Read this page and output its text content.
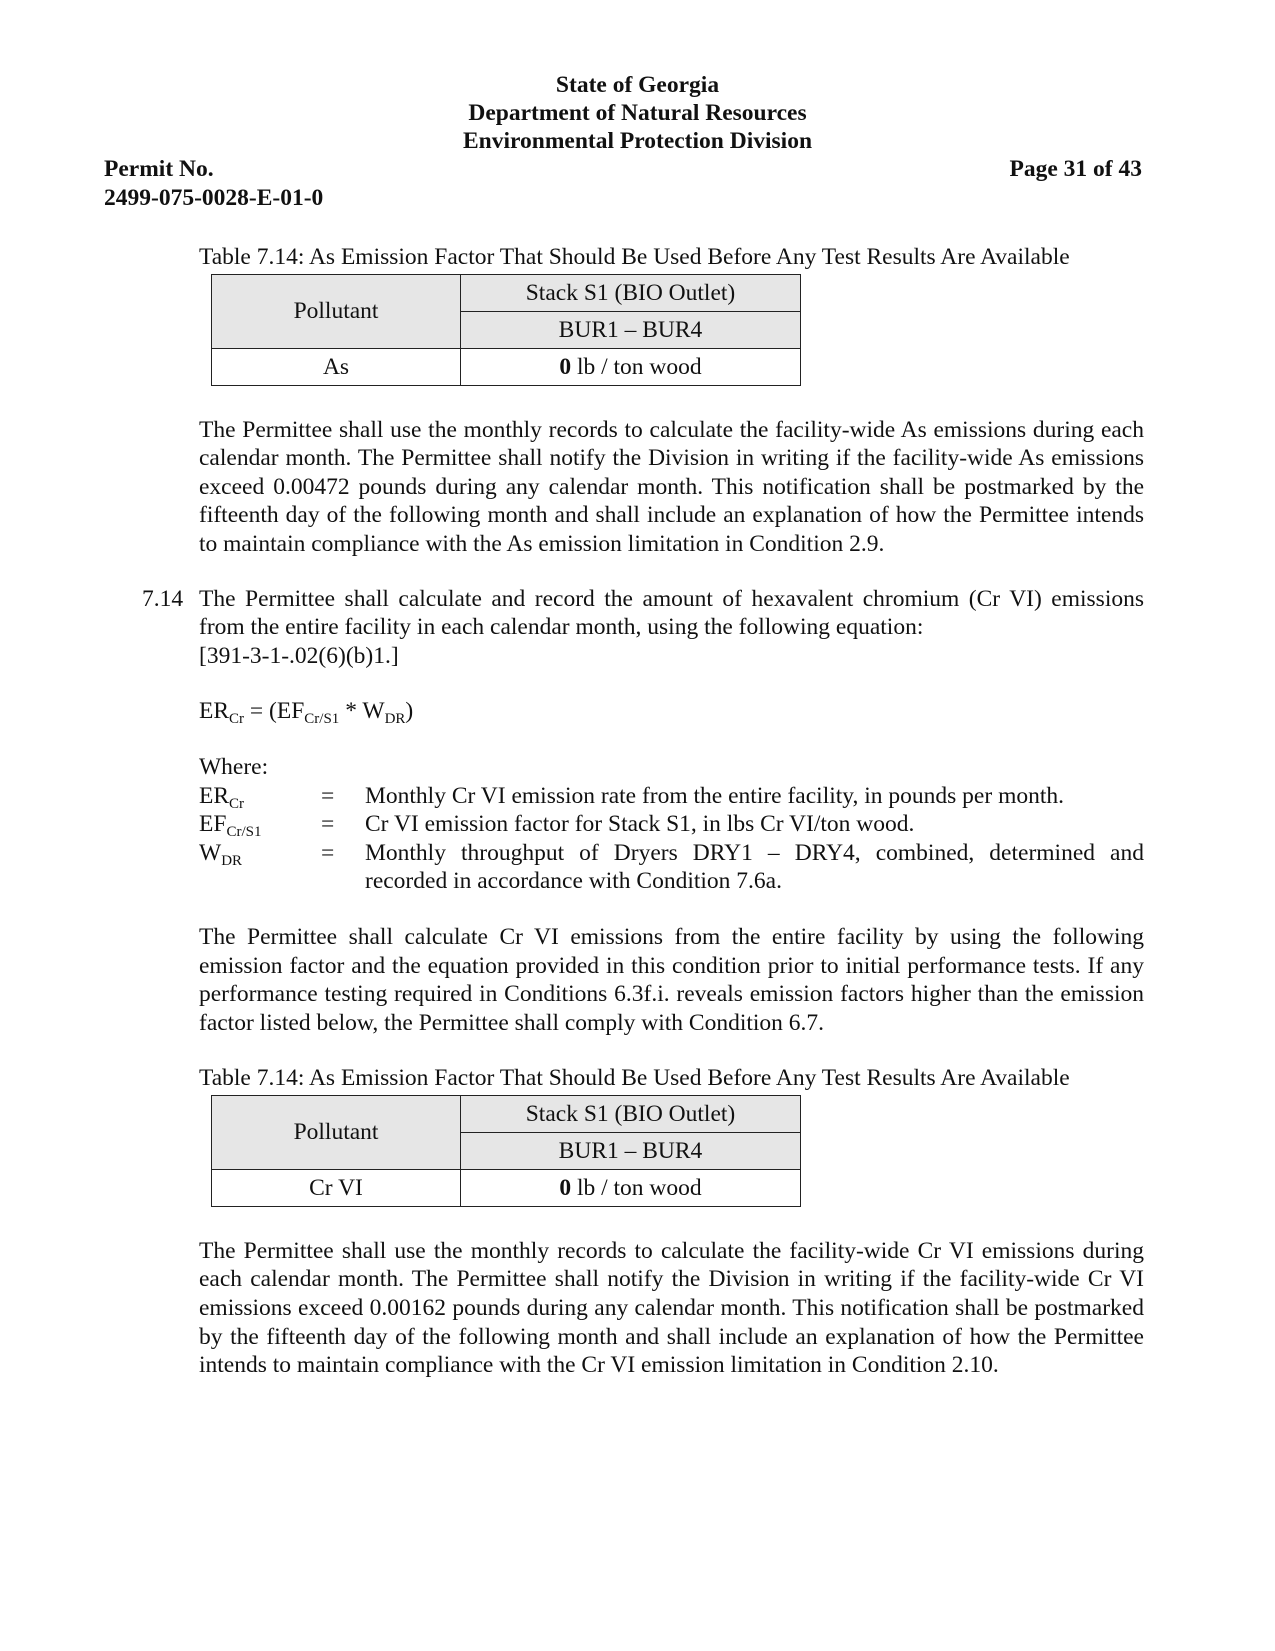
State of Georgia
Department of Natural Resources
Environmental Protection Division
Permit No.
2499-075-0028-E-01-0
Page 31 of 43

Table 7.14: As Emission Factor That Should Be Used Before Any Test Results Are Available

Pollutant	Stack S1 (BIO Outlet)
	BUR1 – BUR4
As	0 lb / ton wood

The Permittee shall use the monthly records to calculate the facility-wide As emissions during each calendar month. The Permittee shall notify the Division in writing if the facility-wide As emissions exceed 0.00472 pounds during any calendar month. This notification shall be postmarked by the fifteenth day of the following month and shall include an explanation of how the Permittee intends to maintain compliance with the As emission limitation in Condition 2.9.

7.14 The Permittee shall calculate and record the amount of hexavalent chromium (Cr VI) emissions from the entire facility in each calendar month, using the following equation:

[391-3-1-.02(6)(b)1.]
$ER_{Cr} = (EF_{Cr/S1} * W_{DR})$
Where:
$ER_{Cr}$	=	Monthly Cr VI emission rate from the entire facility, in pounds per month.
$EF_{Cr/S1}$	=	Cr VI emission factor for Stack S1, in lbs Cr VI/ton wood.
$W_{DR}$	=	Monthly throughput of Dryers DRY1 – DRY4, combined, determined and recorded in accordance with Condition 7.6a.

The Permittee shall calculate Cr VI emissions from the entire facility by using the following emission factor and the equation provided in this condition prior to initial performance tests. If any performance testing required in Conditions 6.3f.i. reveals emission factors higher than the emission factor listed below, the Permittee shall comply with Condition 6.7.

Table 7.14: As Emission Factor That Should Be Used Before Any Test Results Are Available

Pollutant	Stack S1 (BIO Outlet)
	BUR1 – BUR4
Cr VI	0 lb / ton wood

The Permittee shall use the monthly records to calculate the facility-wide Cr VI emissions during each calendar month. The Permittee shall notify the Division in writing if the facility-wide Cr VI emissions exceed 0.00162 pounds during any calendar month. This notification shall be postmarked by the fifteenth day of the following month and shall include an explanation of how the Permittee intends to maintain compliance with the Cr VI emission limitation in Condition 2.10.
